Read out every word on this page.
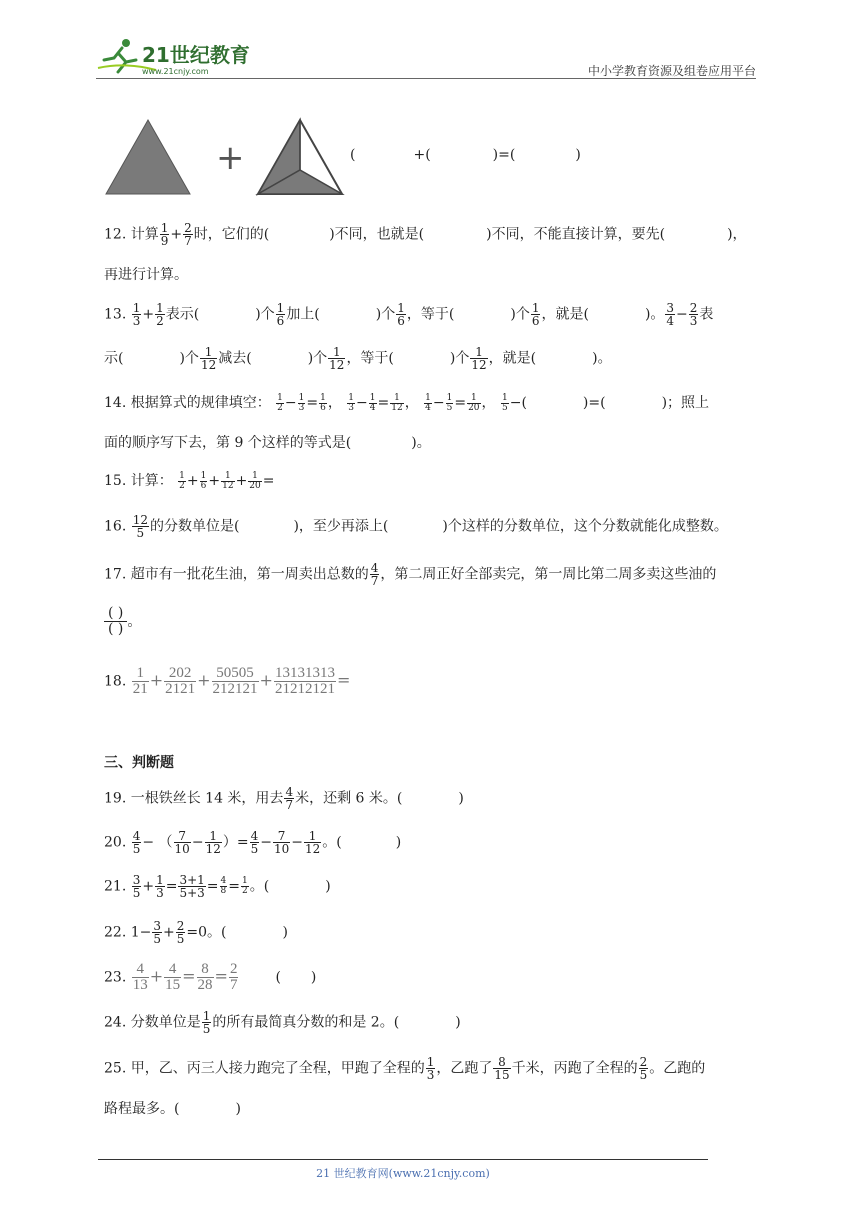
21世纪教育
www.21cnjy.com	中小学教育资源及组卷应用平台
+	(	+(	)=(	)
12. 计算 $\frac{1}{9} + \frac{2}{7}$ 时，它们的(	)不同，也就是(	)不同，不能直接计算，要先(	)，
再进行计算。
13. $\frac{1}{3} + \frac{1}{2}$ 表示(	)个 $\frac{1}{6}$ 加上(	)个 $\frac{1}{6}$ ，等于(	)个 $\frac{1}{6}$ ，就是(	)。 $\frac{3}{4} - \frac{2}{3}$ 表
示(	)个 $\frac{1}{12}$ 减去(	)个 $\frac{1}{12}$ ，等于(	)个 $\frac{1}{12}$ ，就是(	)。
14. 根据算式的规律填空： $\frac{1}{2} - \frac{1}{3} = \frac{1}{6}$ ， $\frac{1}{3} - \frac{1}{4} = \frac{1}{12}$ ， $\frac{1}{4} - \frac{1}{5} = \frac{1}{20}$ ， $\frac{1}{5}$ −(	)=(	)；照上
面的顺序写下去，第 9 个这样的等式是(	)。
15. 计算： $\frac{1}{2} + \frac{1}{6} + \frac{1}{12} + \frac{1}{20}$ =
16. $\frac{12}{5}$ 的分数单位是(	)，至少再添上(	)个这样的分数单位，这个分数就能化成整数。
17. 超市有一批花生油，第一周卖出总数的 $\frac{4}{7}$ ，第二周正好全部卖完，第一周比第二周多卖这些油的
( )
( ) 。
18. $\frac{1}{21} + \frac{202}{2121} + \frac{50505}{212121} + \frac{13131313}{21212121}$ =
三、判断题
19. 一根铁丝长 14 米，用去 $\frac{4}{7}$ 米，还剩 6 米。(	)
20. $\frac{4}{5}$ − （ $\frac{7}{10} - \frac{1}{12}$ ）= $\frac{4}{5} - \frac{7}{10} - \frac{1}{12}$ 。(	)
21. $\frac{3}{5} + \frac{1}{3} = \frac{3+1}{5+3} = \frac{4}{8} = \frac{1}{2}$ 。(	)
22. $1- \frac{3}{5} + \frac{2}{5} =0$。(	)
23. $\frac{4}{13} + \frac{4}{15} = \frac{8}{28} = \frac{2}{7}$	( )
24. 分数单位是 $\frac{1}{5}$ 的所有最简真分数的和是 2。(	)
25. 甲，乙、丙三人接力跑完了全程，甲跑了全程的 $\frac{1}{3}$ ，乙跑了 $\frac{8}{15}$ 千米，丙跑了全程的 $\frac{2}{5}$ 。乙跑的
路程最多。(	)
21 世纪教育网(www.21cnjy.com)
